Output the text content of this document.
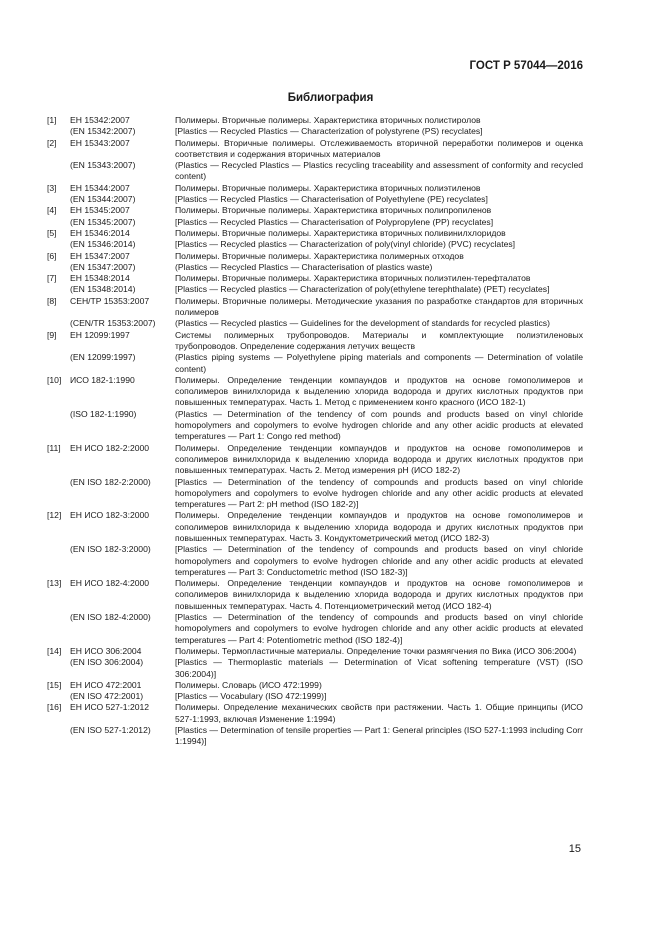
ГОСТ Р 57044—2016
Библиография
[1]	ЕН 15342:2007	Полимеры. Вторичные полимеры. Характеристика вторичных полистиролов
(EN 15342:2007)	[Plastics — Recycled Plastics — Characterization of polystyrene (PS) recyclates]
[2]	ЕН 15343:2007	Полимеры. Вторичные полимеры. Отслеживаемость вторичной переработки полимеров и оценка соответствия и содержания вторичных материалов
(EN 15343:2007)	(Plastics — Recycled Plastics — Plastics recycling traceability and assessment of conformity and recycled content)
[3]	ЕН 15344:2007	Полимеры. Вторичные полимеры. Характеристика вторичных полиэтиленов
(EN 15344:2007)	[Plastics — Recycled Plastics — Characterisation of Polyethylene (PE) recyclates]
[4]	ЕН 15345:2007	Полимеры. Вторичные полимеры. Характеристика вторичных полипропиленов
(EN 15345:2007)	[Plastics — Recycled Plastics — Characterisation of Polypropylene (PP) recyclates]
[5]	ЕН 15346:2014	Полимеры. Вторичные полимеры. Характеристика вторичных поливинилхлоридов
(EN 15346:2014)	[Plastics — Recycled plastics — Characterization of poly(vinyl chloride) (PVC) recyclates]
[6]	ЕН 15347:2007	Полимеры. Вторичные полимеры. Характеристика полимерных отходов
(EN 15347:2007)	(Plastics — Recycled Plastics — Characterisation of plastics waste)
[7]	ЕН 15348:2014	Полимеры. Вторичные полимеры. Характеристика вторичных полиэтилен-терефталатов
(EN 15348:2014)	[Plastics — Recycled plastics — Characterization of poly(ethylene terephthalate) (PET) recyclates]
[8]	CEH/TP 15353:2007	Полимеры. Вторичные полимеры. Методические указания по разработке стандартов для вторичных полимеров
(CEN/TR 15353:2007)	(Plastics — Recycled plastics — Guidelines for the development of standards for recycled plastics)
[9]	ЕН 12099:1997	Системы полимерных трубопроводов. Материалы и комплектующие полиэтиленовых трубопроводов. Определение содержания летучих веществ
(EN 12099:1997)	(Plastics piping systems — Polyethylene piping materials and components — Determination of volatile content)
[10]	ИСО 182-1:1990	Полимеры. Определение тенденции компаундов и продуктов на основе гомополимеров и сополимеров винилхлорида к выделению хлорида водорода и других кислотных продуктов при повышенных температурах. Часть 1. Метод с применением конго красного (ИСО 182-1)
(ISO 182-1:1990)	(Plastics — Determination of the tendency of com pounds and products based on vinyl chloride homopolymers and copolymers to evolve hydrogen chloride and any other acidic products at elevated temperatures — Part 1: Congo red method)
[11]	ЕН ИСО 182-2:2000	Полимеры. Определение тенденции компаундов и продуктов на основе гомополимеров и сополимеров винилхлорида к выделению хлорида водорода и других кислотных продуктов при повышенных температурах. Часть 2. Метод измерения pH (ИСО 182-2)
(EN ISO 182-2:2000)	[Plastics — Determination of the tendency of compounds and products based on vinyl chloride homopolymers and copolymers to evolve hydrogen chloride and any other acidic products at elevated temperatures — Part 2: pH method (ISO 182-2)]
[12]	ЕН ИСО 182-3:2000	Полимеры. Определение тенденции компаундов и продуктов на основе гомополимеров и сополимеров винилхлорида к выделению хлорида водорода и других кислотных продуктов при повышенных температурах. Часть 3. Кондуктометрический метод (ИСО 182-3)
(EN ISO 182-3:2000)	[Plastics — Determination of the tendency of compounds and products based on vinyl chloride homopolymers and copolymers to evolve hydrogen chloride and any other acidic products at elevated temperatures — Part 3: Conductometric method (ISO 182-3)]
[13]	ЕН ИСО 182-4:2000	Полимеры. Определение тенденции компаундов и продуктов на основе гомополимеров и сополимеров винилхлорида к выделению хлорида водорода и других кислотных продуктов при повышенных температурах. Часть 4. Потенциометрический метод (ИСО 182-4)
(EN ISO 182-4:2000)	[Plastics — Determination of the tendency of compounds and products based on vinyl chloride homopolymers and copolymers to evolve hydrogen chloride and any other acidic products at elevated temperatures — Part 4: Potentiometric method (ISO 182-4)]
[14]	ЕН ИСО 306:2004	Полимеры. Термопластичные материалы. Определение точки размягчения по Вика (ИСО 306:2004)
(EN ISO 306:2004)	[Plastics — Thermoplastic materials — Determination of Vicat softening temperature (VST) (ISO 306:2004)]
[15]	ЕН ИСО 472:2001	Полимеры. Словарь (ИСО 472:1999)
(EN ISO 472:2001)	[Plastics — Vocabulary (ISO 472:1999)]
[16]	ЕН ИСО 527-1:2012	Полимеры. Определение механических свойств при растяжении. Часть 1. Общие принципы (ИСО 527-1:1993, включая Изменение 1:1994)
(EN ISO 527-1:2012)	[Plastics — Determination of tensile properties — Part 1: General principles (ISO 527-1:1993 including Corr 1:1994)]
15
